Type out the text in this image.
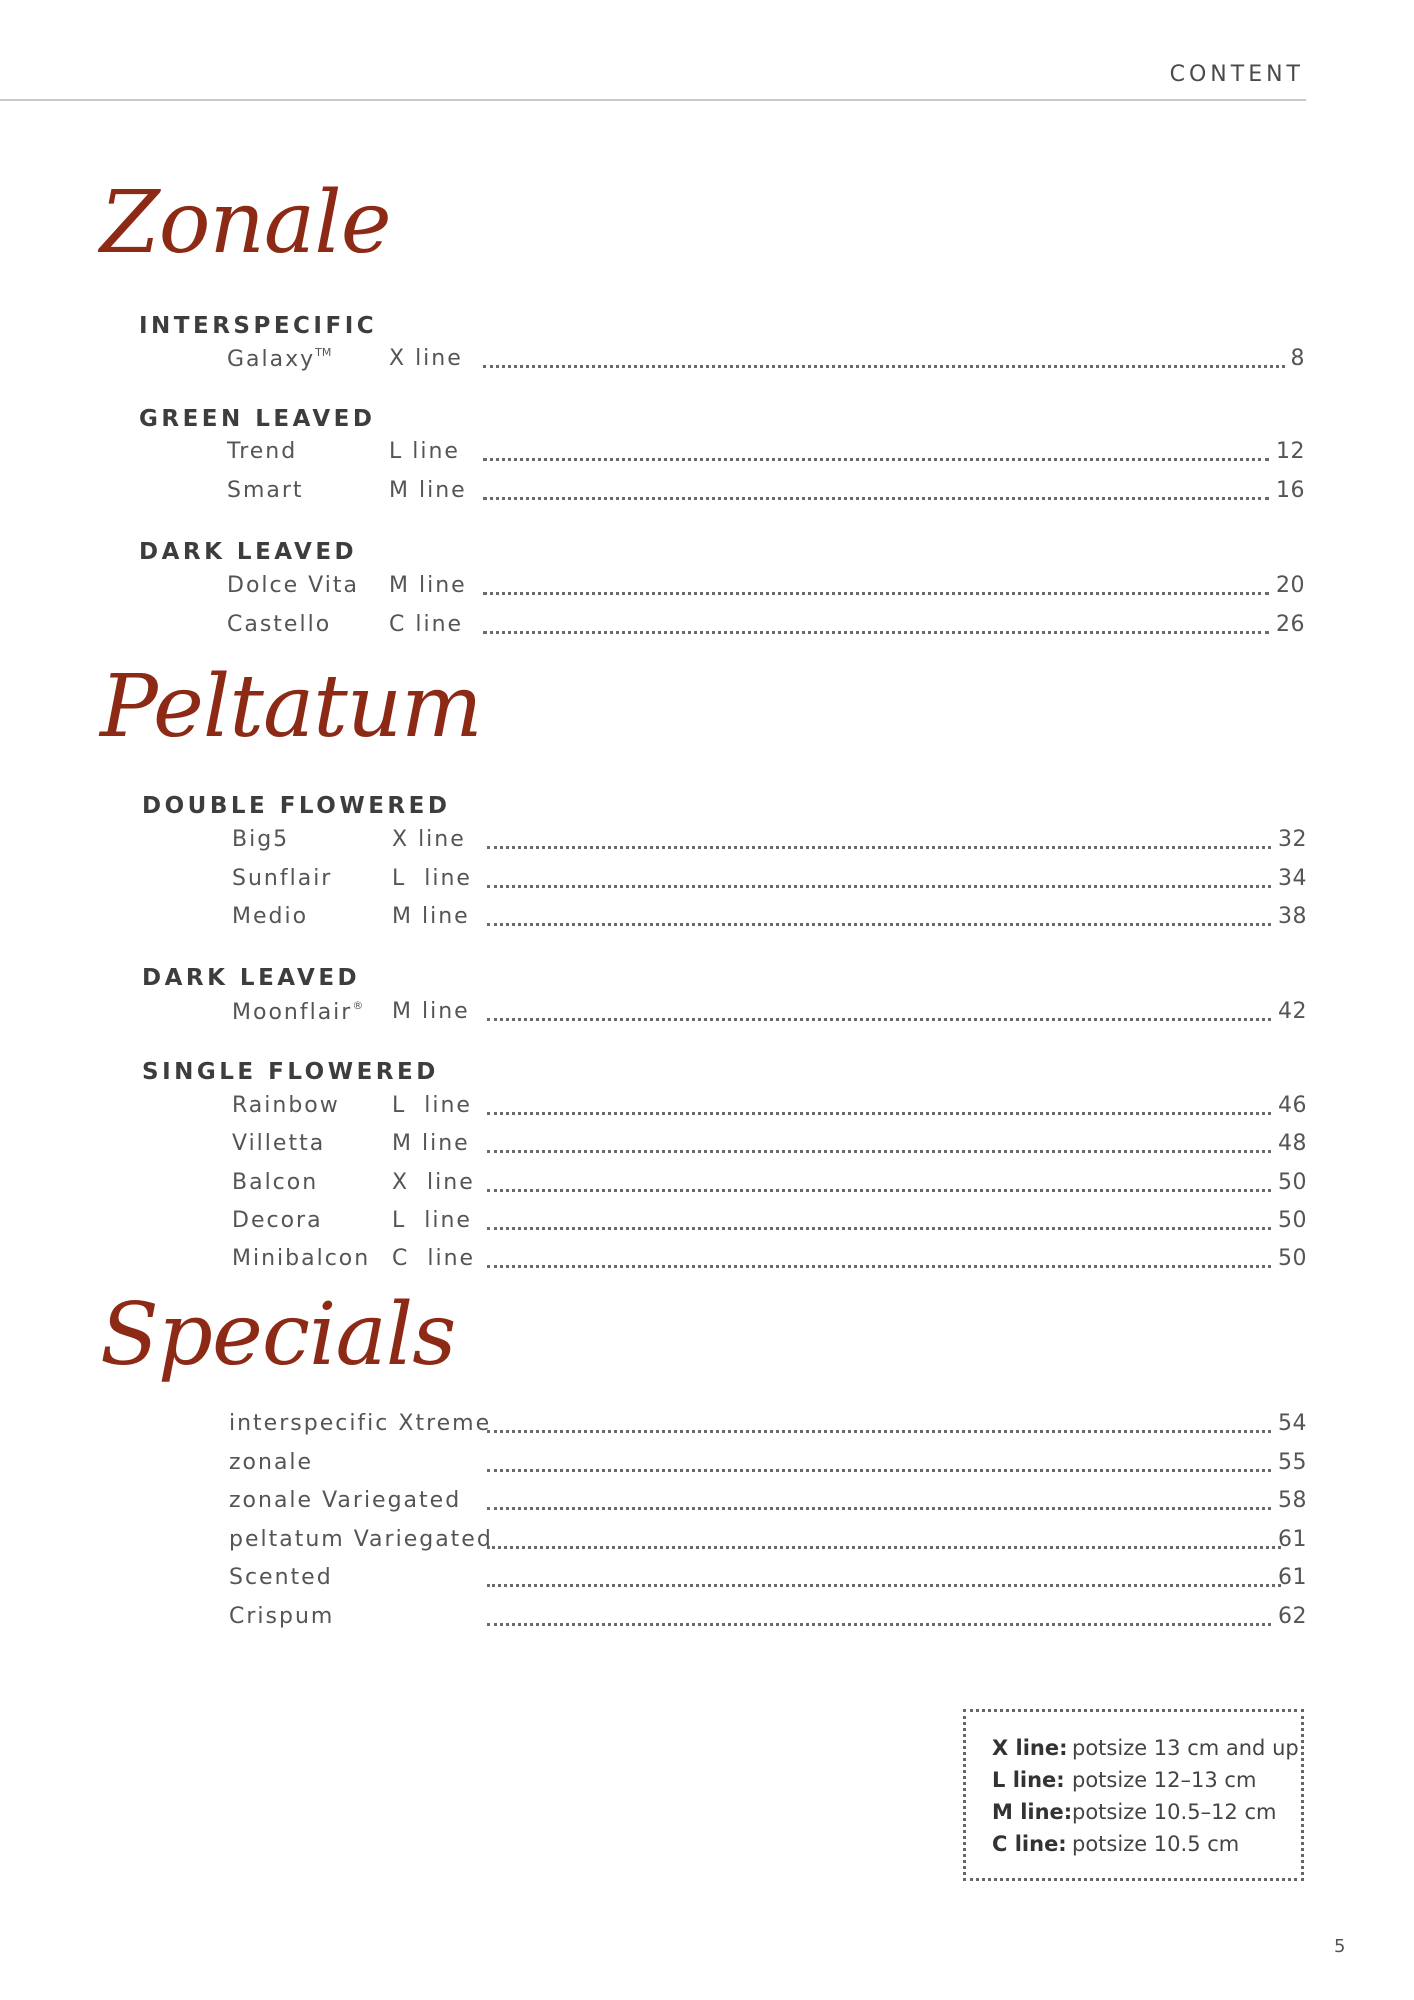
CONTENT
Zonale
INTERSPECIFIC
Galaxy™	X line	8
GREEN LEAVED
Trend	L line	12
Smart	M line	16
DARK LEAVED
Dolce Vita M line	20
Castello	C line	26
Peltatum
DOUBLE FLOWERED
Big5	X line	32
Sunflair	L  line	34
Medio	M line	38
DARK LEAVED
Moonflair® M line	42
SINGLE FLOWERED
Rainbow L  line	46
Villetta	M line	48
Balcon	X  line	50
Decora	L  line	50
Minibalcon C  line	50
Specials
interspecific Xtreme	54
zonale	55
zonale Variegated	58
peltatum Variegated	61
Scented	61
Crispum	62
X line: potsize 13 cm and up
L line: potsize 12–13 cm
M line:potsize 10.5–12 cm
C line: potsize 10.5 cm
5
